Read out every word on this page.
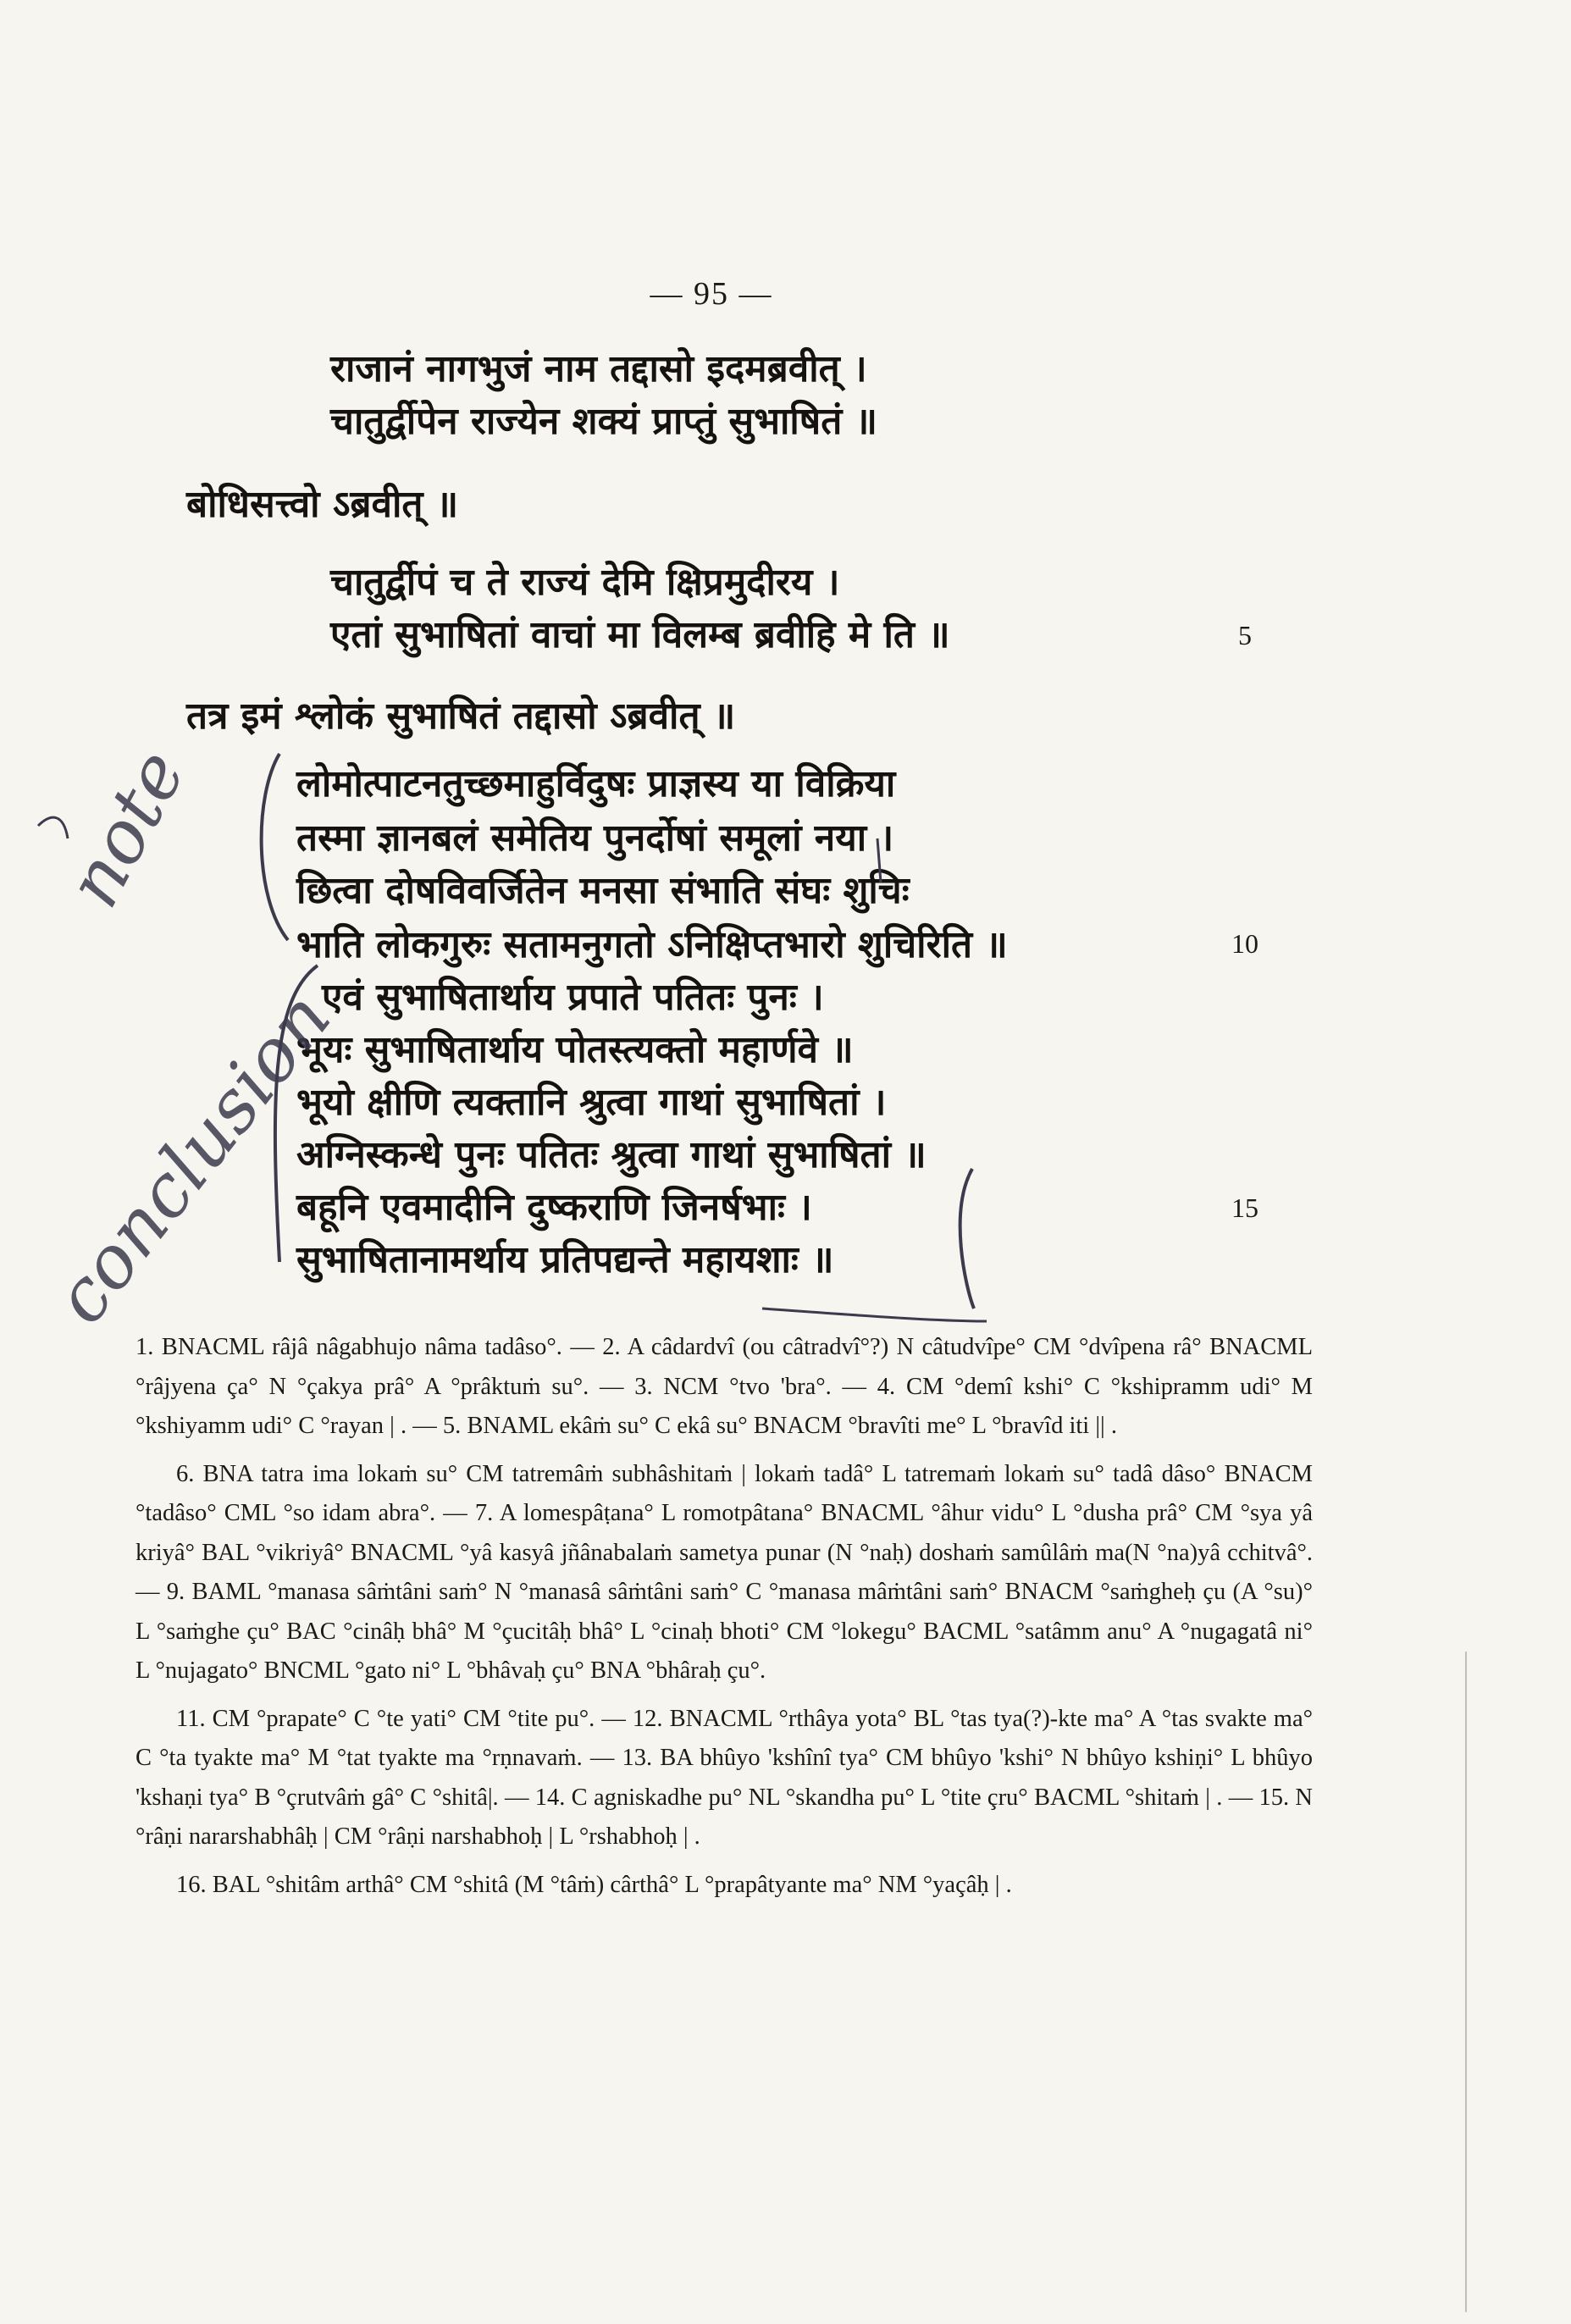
— 95 —
राजानं नागभुजं नाम तद्दासो इदमब्रवीत् ।
चातुर्द्वीपेन राज्येन शक्यं प्राप्तुं सुभाषितं ॥
बोधिसत्त्वो ऽब्रवीत् ॥
चातुर्द्वीपं च ते राज्यं देमि क्षिप्रमुदीरय ।
एतां सुभाषितां वाचां मा विलम्ब ब्रवीहि मे ति ॥	5
तत्र इमं श्लोकं सुभाषितं तद्दासो ऽब्रवीत् ॥
लोमोत्पाटनतुच्छमाहुर्विदुषः प्राज्ञस्य या विक्रिया
तस्मा ज्ञानबलं समेतिय पुनर्दोषां समूलां नया ।
छित्वा दोषविवर्जितेन मनसा संभाति संघः शुचिः
भाति लोकगुरुः सतामनुगतो ऽनिक्षिप्तभारो शुचिरिति ॥	10
एवं सुभाषितार्थाय प्रपाते पतितः पुनः ।
भूयः सुभाषितार्थाय पोतस्त्यक्तो महार्णवे ॥
भूयो क्षीणि त्यक्तानि श्रुत्वा गाथां सुभाषितां ।
अग्निस्कन्धे पुनः पतितः श्रुत्वा गाथां सुभाषितां ॥
बहूनि एवमादीनि दुष्कराणि जिनर्षभाः ।	15
सुभाषितानामर्थाय प्रतिपद्यन्ते महायशाः ॥
note
conclusion

1. BNACML râjâ nâgabhujo nâma tadâso°. — 2. A câdardvî (ou câtradvî°?) N câtudvîpe° CM °dvîpena râ° BNACML °râjyena ça° N °çakya prâ° A °prâktuṁ su°. — 3. NCM °tvo 'bra°. — 4. CM °demî kshi° C °kshipramm udi° M °kshiyamm udi° C °rayan | . — 5. BNAML ekâṁ su° C ekâ su° BNACM °bravîti me° L °bravîd iti || .

6. BNA tatra ima lokaṁ su° CM tatremâṁ subhâshitaṁ | lokaṁ tadâ° L tatremaṁ lokaṁ su° tadâ dâso° BNACM °tadâso° CML °so idam abra°. — 7. A lomespâṭana° L romotpâtana° BNACML °âhur vidu° L °dusha prâ° CM °sya yâ kriyâ° BAL °vikriyâ° BNACML °yâ kasyâ jñânabalaṁ sametya punar (N °naḥ) doshaṁ samûlâṁ ma(N °na)yâ cchitvâ°. — 9. BAML °manasa sâṁtâni saṁ° N °manasâ sâṁtâni saṁ° C °manasa mâṁtâni saṁ° BNACM °saṁgheḥ çu (A °su)° L °saṁghe çu° BAC °cinâḥ bhâ° M °çucitâḥ bhâ° L °cinaḥ bhoti° CM °lokegu° BACML °satâmm anu° A °nugagatâ ni° L °nujagato° BNCML °gato ni° L °bhâvaḥ çu° BNA °bhâraḥ çu°.

11. CM °prapate° C °te yati° CM °tite pu°. — 12. BNACML °rthâya yota° BL °tas tya(?)-kte ma° A °tas svakte ma° C °ta tyakte ma° M °tat tyakte ma °rṇnavaṁ. — 13. BA bhûyo 'kshînî tya° CM bhûyo 'kshi° N bhûyo kshiṇi° L bhûyo 'kshaṇi tya° B °çrutvâṁ gâ° C °shitâ|. — 14. C agniskadhe pu° NL °skandha pu° L °tite çru° BACML °shitaṁ | . — 15. N °râṇi nararshabhâḥ | CM °râṇi narshabhoḥ | L °rshabhoḥ | .

16. BAL °shitâm arthâ° CM °shitâ (M °tâṁ) cârthâ° L °prapâtyante ma° NM °yaçâḥ | .
